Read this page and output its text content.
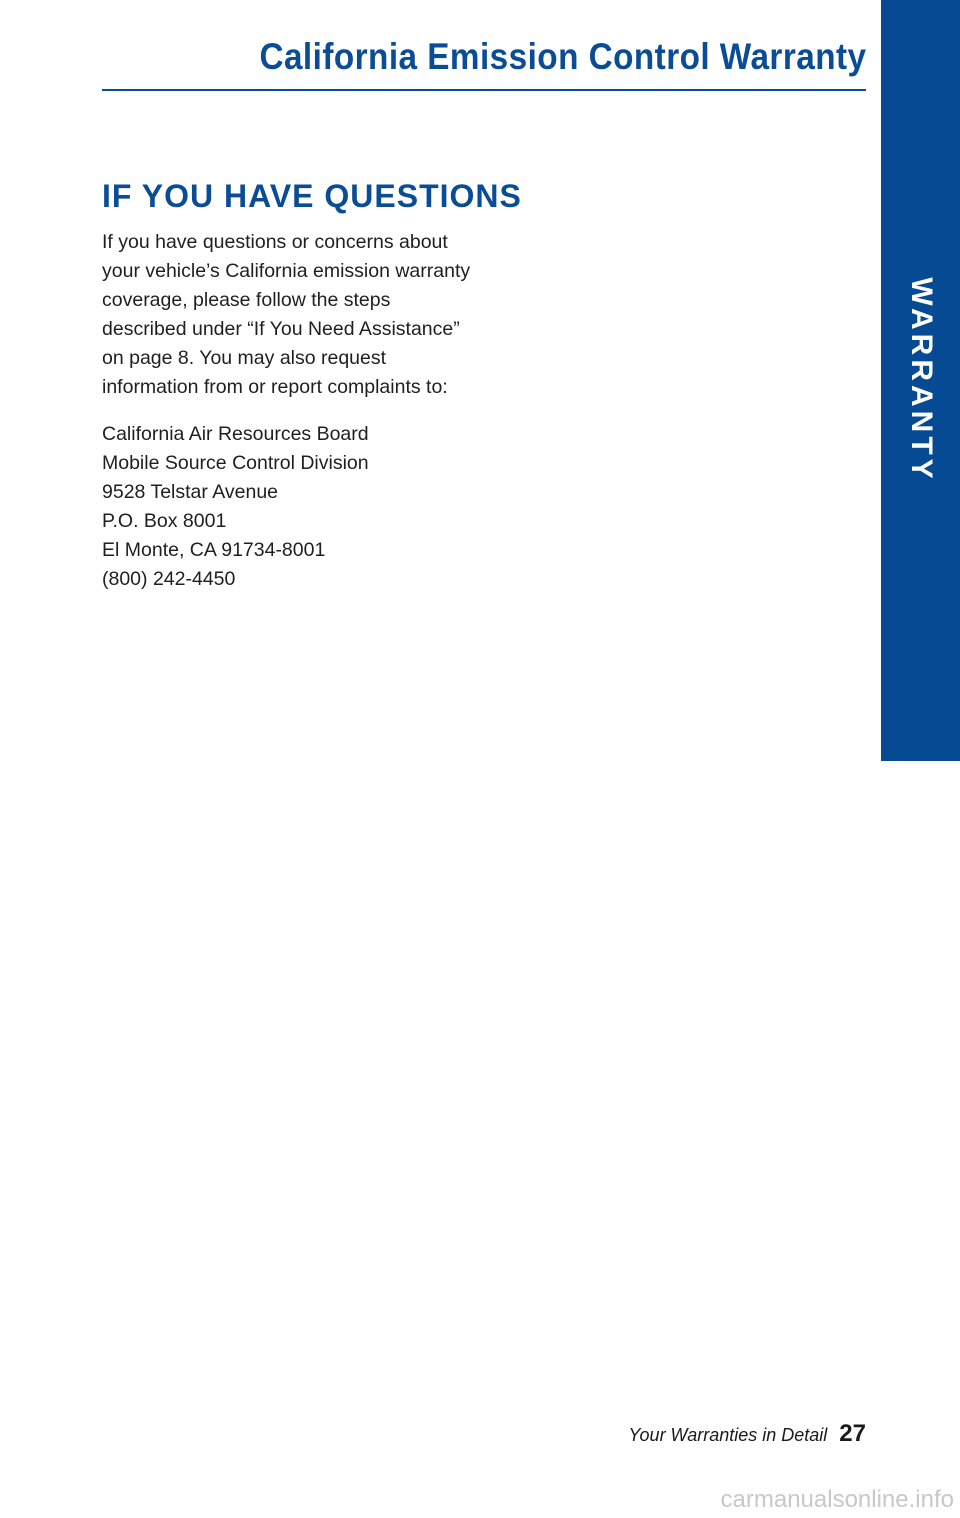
California Emission Control Warranty
WARRANTY
IF YOU HAVE QUESTIONS

If you have questions or concerns about your vehicle’s California emission warranty coverage, please follow the steps described under “If You Need Assistance” on page 8. You may also request information from or report complaints to:

California Air Resources Board
Mobile Source Control Division
9528 Telstar Avenue
P.O. Box 8001
El Monte, CA 91734-8001
(800) 242-4450

Your Warranties in Detail 27
carmanualsonline.info
